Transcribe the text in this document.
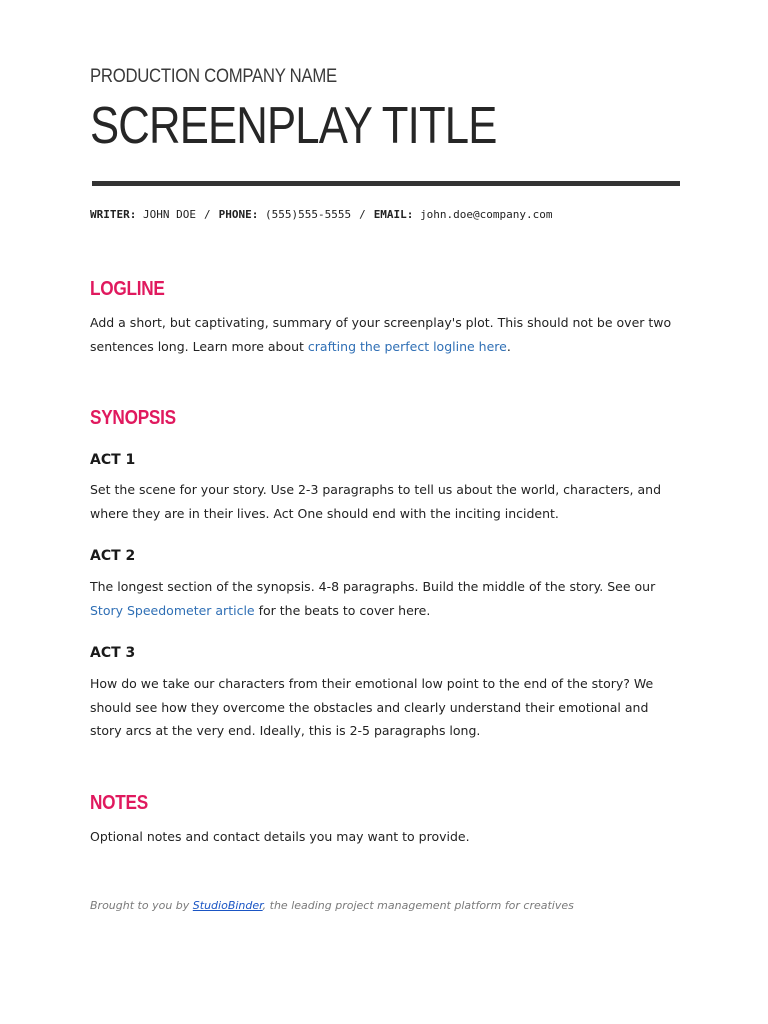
PRODUCTION COMPANY NAME
SCREENPLAY TITLE

WRITER: JOHN DOE / PHONE: (555)555-5555 / EMAIL: john.doe@company.com

LOGLINE

Add a short, but captivating, summary of your screenplay's plot. This should not be over two sentences long. Learn more about crafting the perfect logline here.

SYNOPSIS
ACT 1

Set the scene for your story. Use 2-3 paragraphs to tell us about the world, characters, and where they are in their lives. Act One should end with the inciting incident.

ACT 2

The longest section of the synopsis. 4-8 paragraphs. Build the middle of the story. See our Story Speedometer article for the beats to cover here.

ACT 3

How do we take our characters from their emotional low point to the end of the story? We should see how they overcome the obstacles and clearly understand their emotional and story arcs at the very end. Ideally, this is 2-5 paragraphs long.

NOTES

Optional notes and contact details you may want to provide.

Brought to you by StudioBinder, the leading project management platform for creatives
